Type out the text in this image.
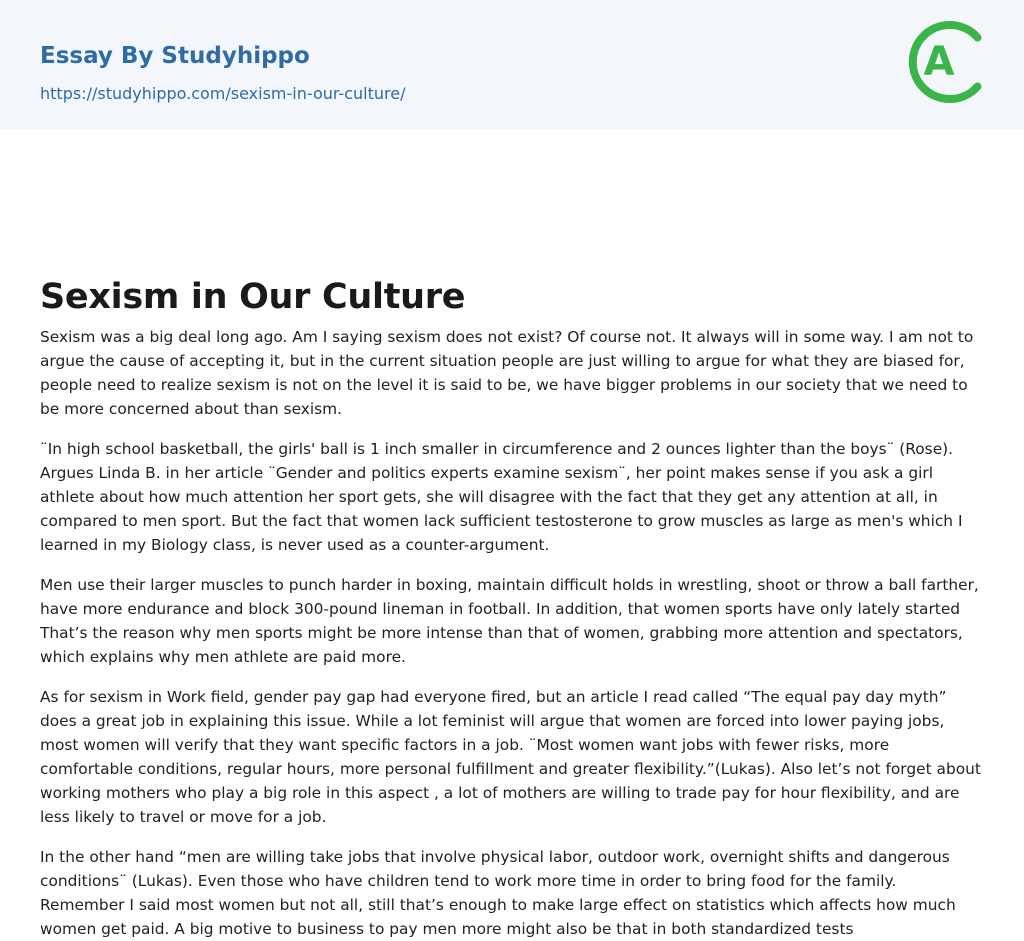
Essay By Studyhippo
https://studyhippo.com/sexism-in-our-culture/
A
Sexism in Our Culture

Sexism was a big deal long ago. Am I saying sexism does not exist? Of course not. It always will in some way. I am not to argue the cause of accepting it, but in the current situation people are just willing to argue for what they are biased for, people need to realize sexism is not on the level it is said to be, we have bigger problems in our society that we need to be more concerned about than sexism.

¨In high school basketball, the girls' ball is 1 inch smaller in circumference and 2 ounces lighter than the boys¨ (Rose). Argues Linda B. in her article ¨Gender and politics experts examine sexism¨, her point makes sense if you ask a girl athlete about how much attention her sport gets, she will disagree with the fact that they get any attention at all, in compared to men sport. But the fact that women lack sufficient testosterone to grow muscles as large as men's which I learned in my Biology class, is never used as a counter-argument.

Men use their larger muscles to punch harder in boxing, maintain difficult holds in wrestling, shoot or throw a ball farther, have more endurance and block 300-pound lineman in football. In addition, that women sports have only lately started That’s the reason why men sports might be more intense than that of women, grabbing more attention and spectators, which explains why men athlete are paid more.

As for sexism in Work field, gender pay gap had everyone fired, but an article I read called “The equal pay day myth” does a great job in explaining this issue. While a lot feminist will argue that women are forced into lower paying jobs, most women will verify that they want specific factors in a job. ¨Most women want jobs with fewer risks, more comfortable conditions, regular hours, more personal fulfillment and greater flexibility.”(Lukas). Also let’s not forget about working mothers who play a big role in this aspect , a lot of mothers are willing to trade pay for hour flexibility, and are less likely to travel or move for a job.

In the other hand “men are willing take jobs that involve physical labor, outdoor work, overnight shifts and dangerous conditions¨ (Lukas). Even those who have children tend to work more time in order to bring food for the family. Remember I said most women but not all, still that’s enough to make large effect on statistics which affects how much women get paid. A big motive to business to pay men more might also be that in both standardized tests
